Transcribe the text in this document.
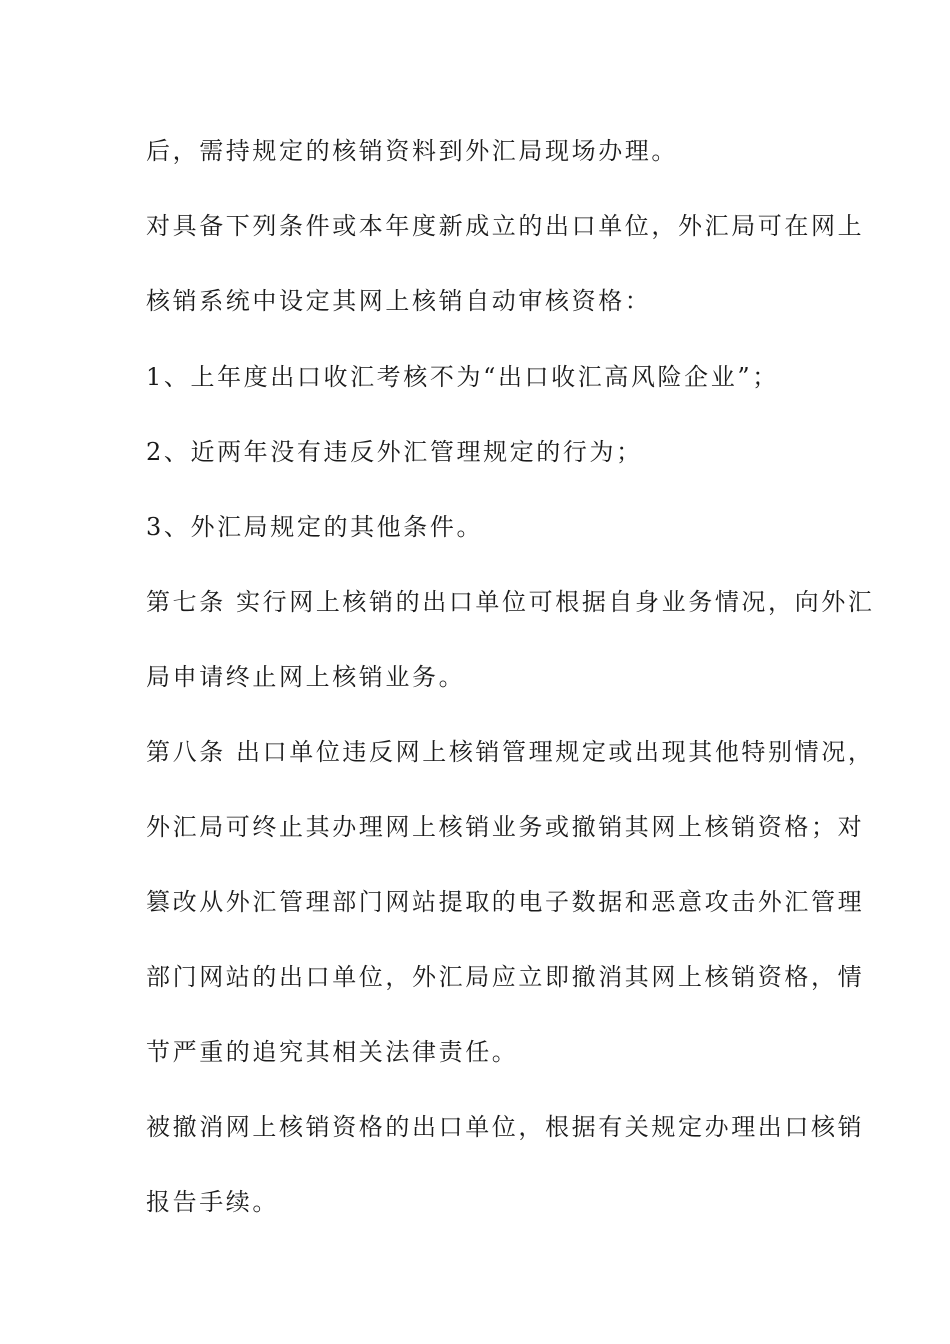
后，需持规定的核销资料到外汇局现场办理。
对具备下列条件或本年度新成立的出口单位，外汇局可在网上
核销系统中设定其网上核销自动审核资格：
1、上年度出口收汇考核不为“出口收汇高风险企业”；
2、近两年没有违反外汇管理规定的行为；
3、外汇局规定的其他条件。
第七条 实行网上核销的出口单位可根据自身业务情况，向外汇
局申请终止网上核销业务。
第八条 出口单位违反网上核销管理规定或出现其他特别情况，
外汇局可终止其办理网上核销业务或撤销其网上核销资格；对
篡改从外汇管理部门网站提取的电子数据和恶意攻击外汇管理
部门网站的出口单位，外汇局应立即撤消其网上核销资格，情
节严重的追究其相关法律责任。
被撤消网上核销资格的出口单位，根据有关规定办理出口核销
报告手续。
